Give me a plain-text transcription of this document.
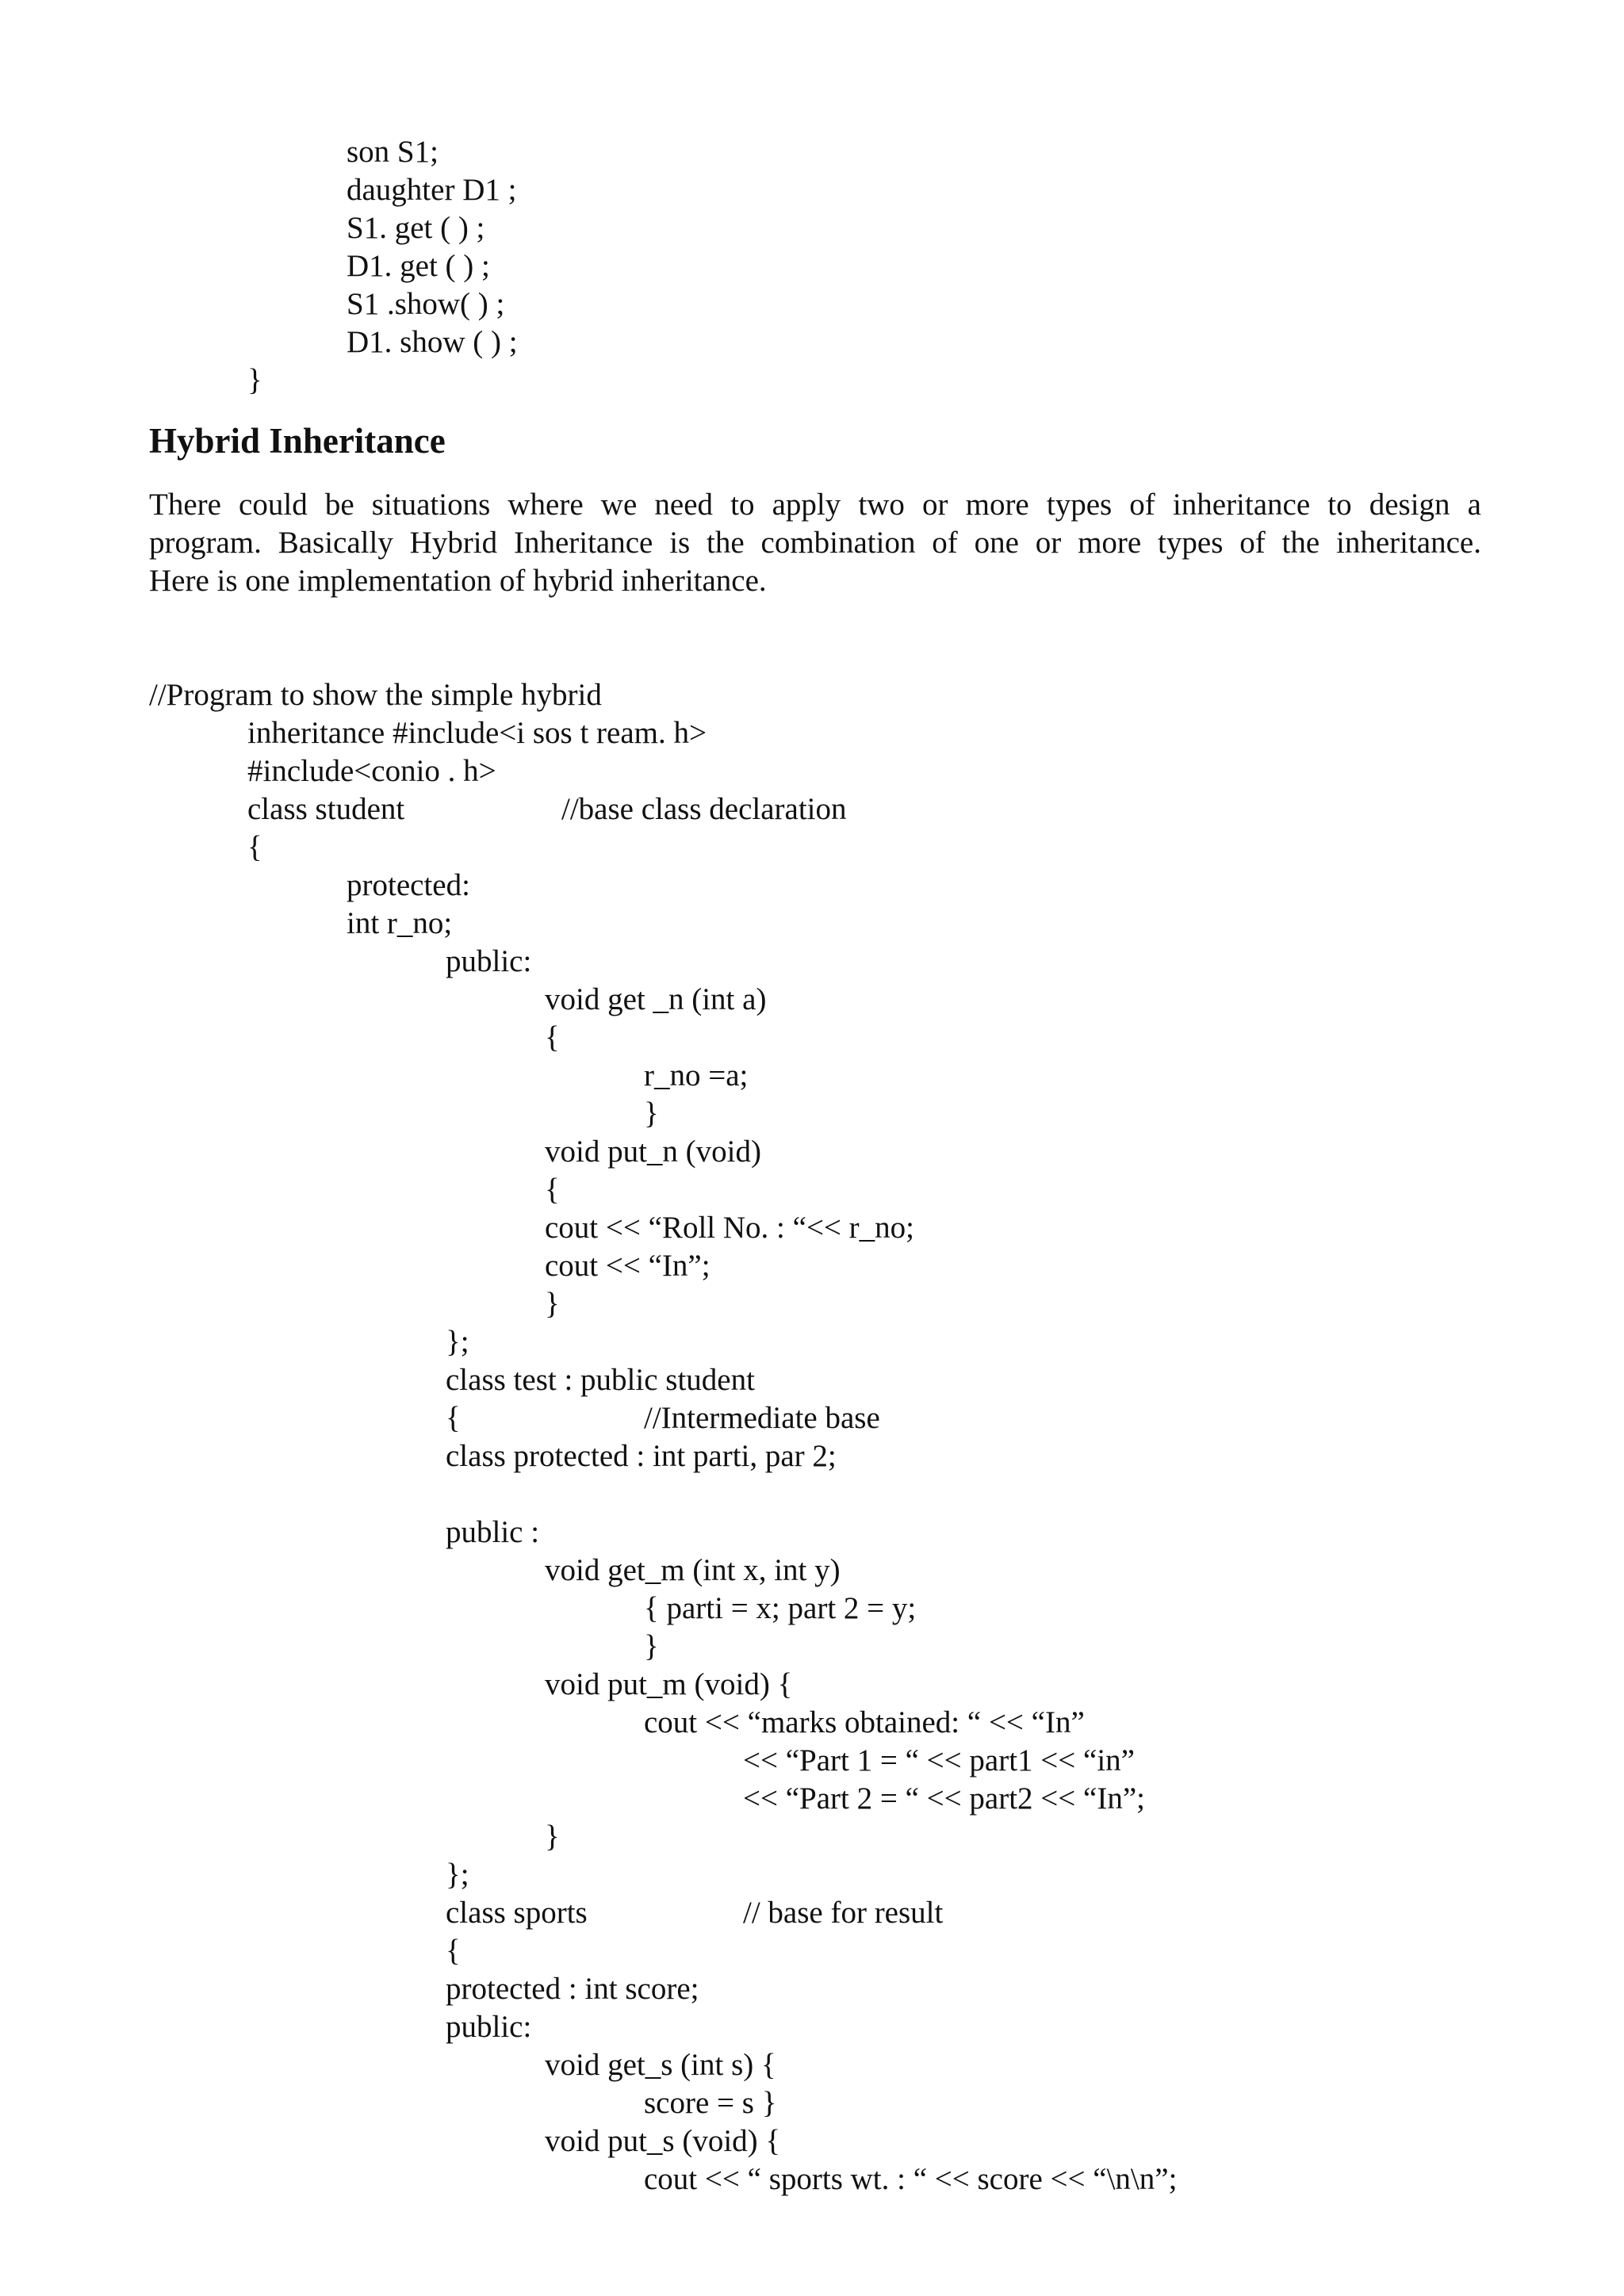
son S1;

daughter D1 ;

S1. get ( ) ;

D1. get ( ) ;

S1 .show( ) ;

D1. show ( ) ;

}

Hybrid Inheritance

There could be situations where we need to apply two or more types of inheritance to design a

program. Basically Hybrid Inheritance is the combination of one or more types of the inheritance.

Here is one implementation of hybrid inheritance.

//Program to show the simple hybrid

inheritance #include<i sos t ream. h>

#include<conio . h>

class student	//base class declaration

{

protected:

int r_no;

public:

void get _n (int a)

{

r_no =a;

}

void put_n (void)

{

cout << “Roll No. : “<< r_no;

cout << “In”;

}

};

class test : public student

{	//Intermediate base

class protected : int parti, par 2;

public :

void get_m (int x, int y)

{ parti = x; part 2 = y;

}

void put_m (void) {

cout << “marks obtained: “ << “In”

<< “Part 1 = “ << part1 << “in”

<< “Part 2 = “ << part2 << “In”;

}

};

class sports	// base for result

{

protected : int score;

public:

void get_s (int s) {

score = s }

void put_s (void) {

cout << “ sports wt. : “ << score << “\n\n”;
